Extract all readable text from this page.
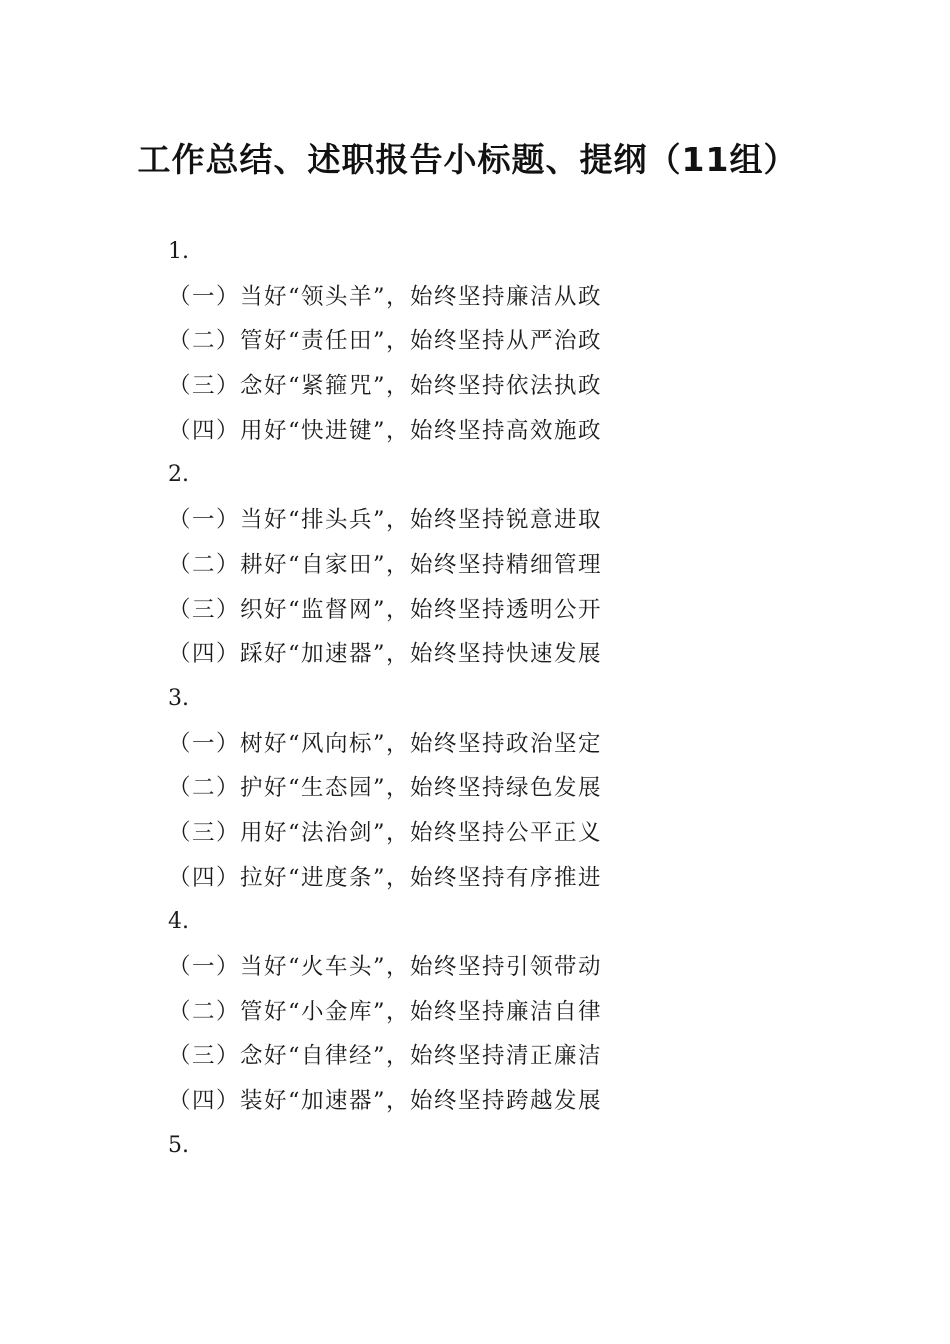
工作总结、述职报告小标题、提纲（11组）
1.
（一）当好“领头羊”，始终坚持廉洁从政
（二）管好“责任田”，始终坚持从严治政
（三）念好“紧箍咒”，始终坚持依法执政
（四）用好“快进键”，始终坚持高效施政
2.
（一）当好“排头兵”，始终坚持锐意进取
（二）耕好“自家田”，始终坚持精细管理
（三）织好“监督网”，始终坚持透明公开
（四）踩好“加速器”，始终坚持快速发展
3.
（一）树好“风向标”，始终坚持政治坚定
（二）护好“生态园”，始终坚持绿色发展
（三）用好“法治剑”，始终坚持公平正义
（四）拉好“进度条”，始终坚持有序推进
4.
（一）当好“火车头”，始终坚持引领带动
（二）管好“小金库”，始终坚持廉洁自律
（三）念好“自律经”，始终坚持清正廉洁
（四）装好“加速器”，始终坚持跨越发展
5.
